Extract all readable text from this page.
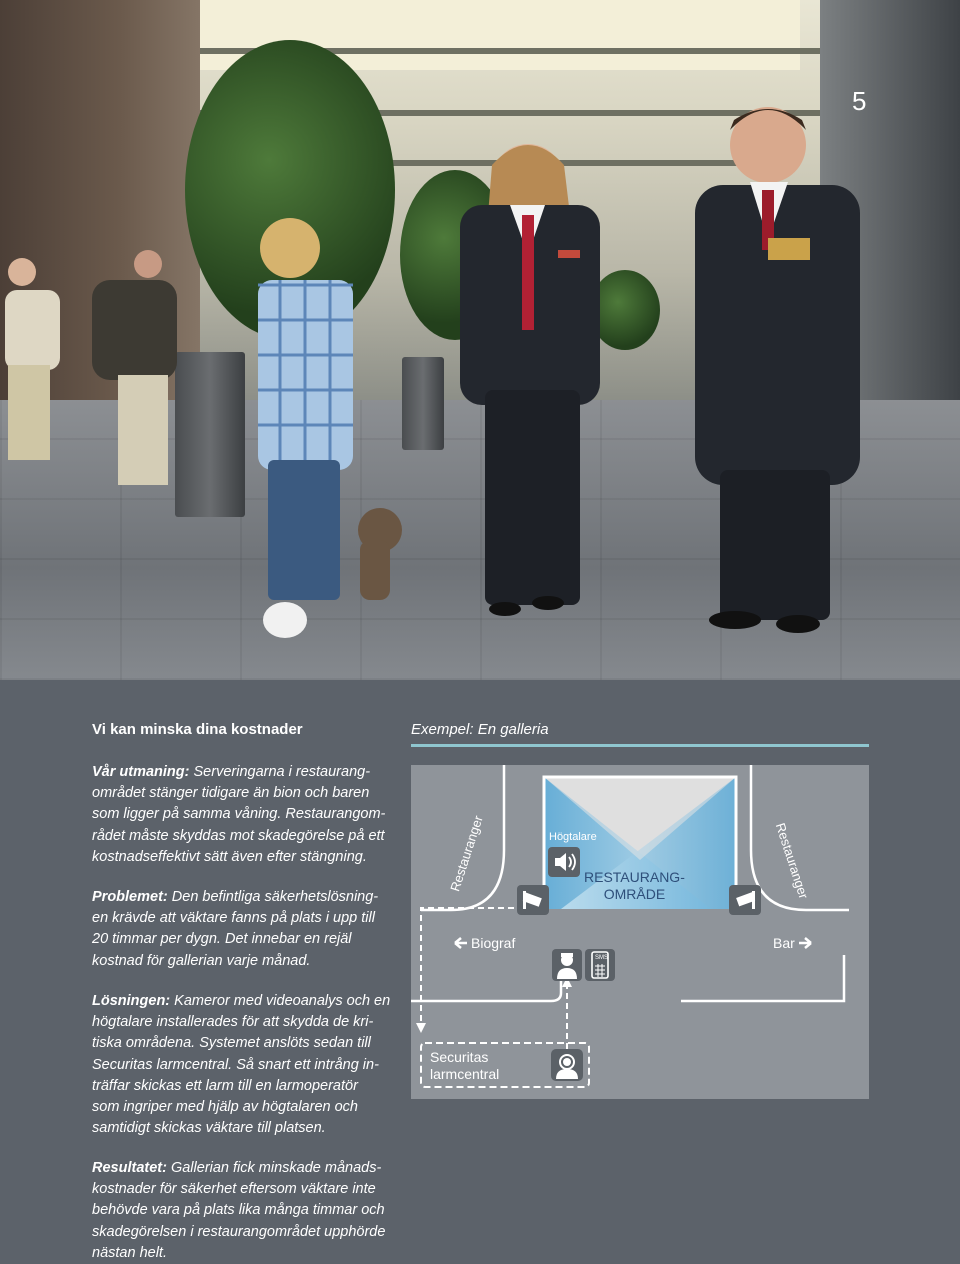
5
Vi kan minska dina kostnader	Exempel: En galleria
Vår utmaning: Serveringarna i restaurang-
området stänger tidigare än bion och baren
som ligger på samma våning. Restaurangom-
rådet måste skyddas mot skadegörelse på ett
kostnadseffektivt sätt även efter stängning.
Problemet: Den befintliga säkerhetslösning-
en krävde att väktare fanns på plats i upp till
20 timmar per dygn. Det innebar en rejäl
kostnad för gallerian varje månad.
Lösningen: Kameror med videoanalys och en
högtalare installerades för att skydda de kri-
tiska områdena. Systemet anslöts sedan till
Securitas larmcentral. Så snart ett intrång in-
träffar skickas ett larm till en larmoperatör
som ingriper med hjälp av högtalaren och
samtidigt skickas väktare till platsen.
Resultatet: Gallerian fick minskade månads-
kostnader för säkerhet eftersom väktare inte
behövde vara på plats lika många timmar och
skadegörelsen i restaurangområdet upphörde
nästan helt.
SMS
Restauranger	Restauranger
Högtalare
RESTAURANG-
OMRÅDE
Biograf	Bar
Securitas
larmcentral
